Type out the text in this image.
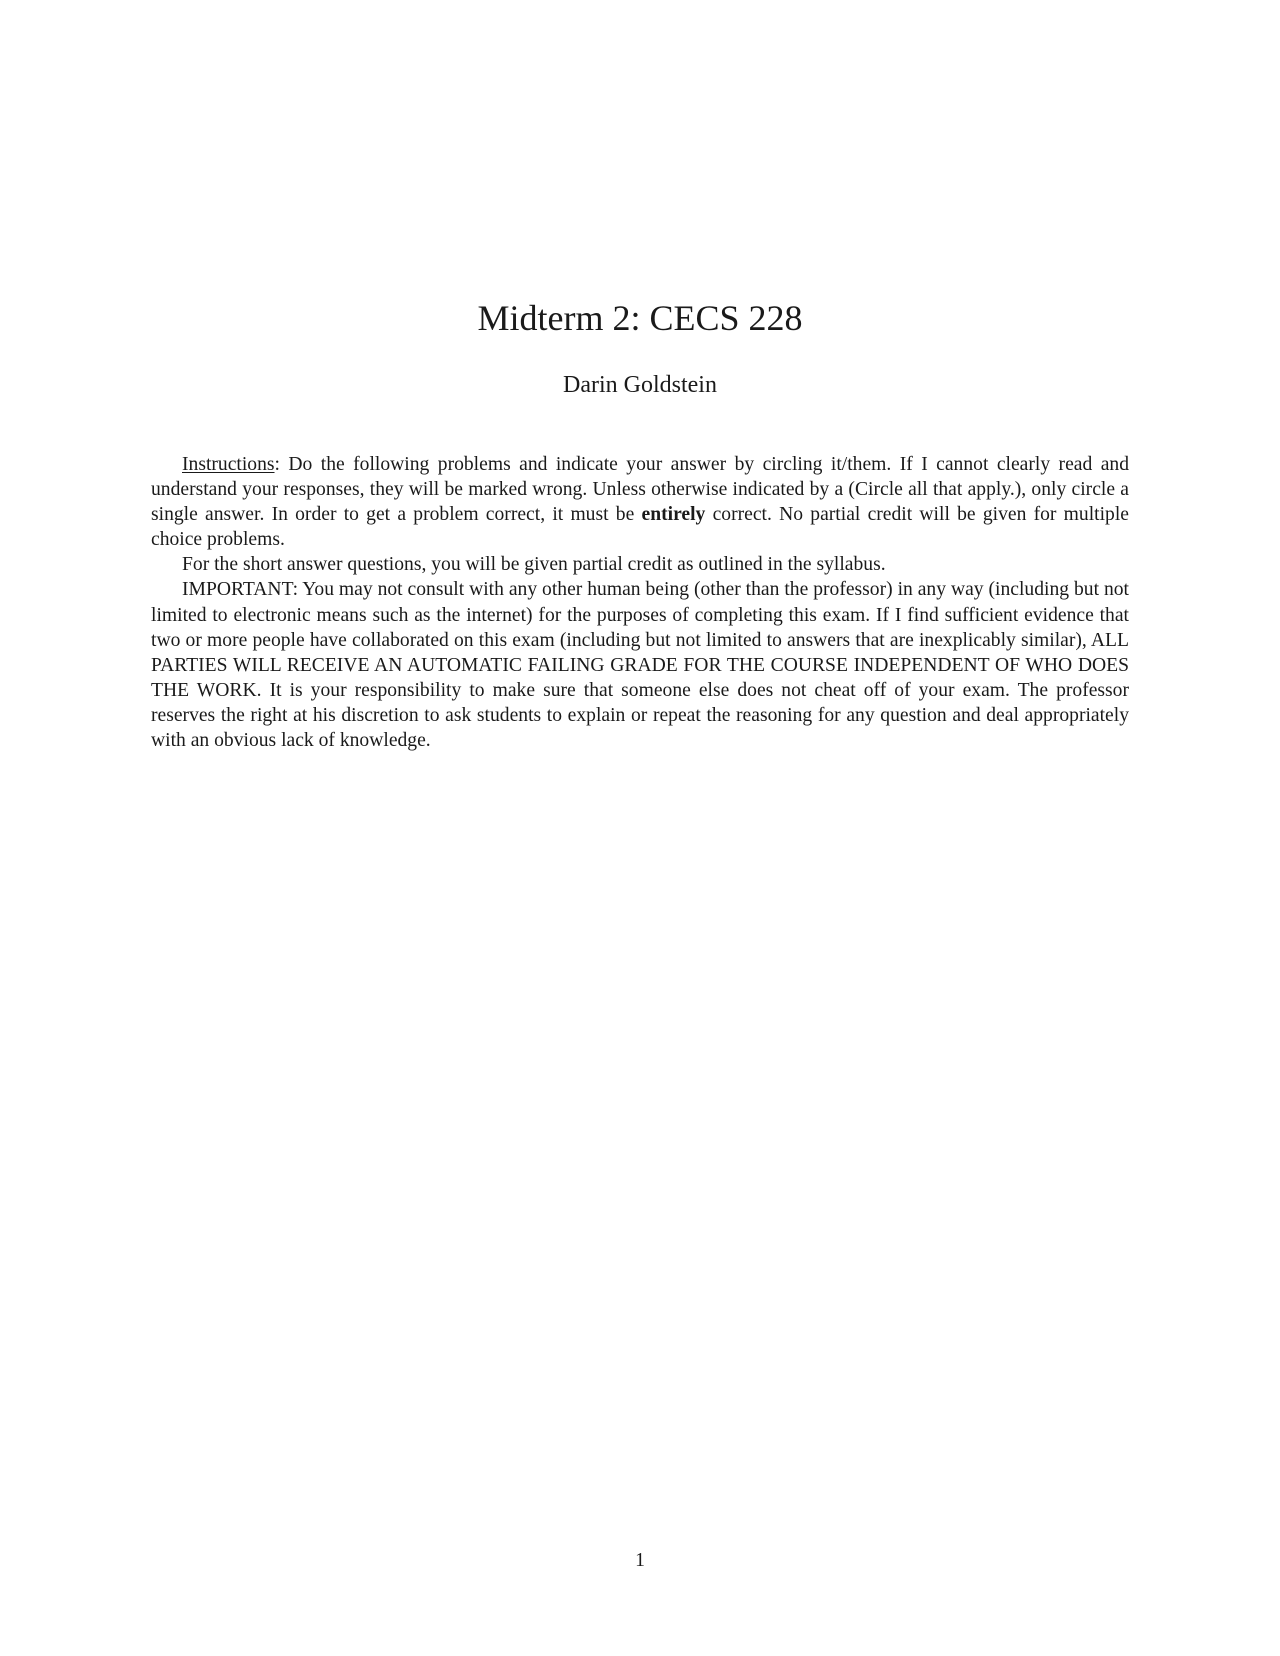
Midterm 2: CECS 228
Darin Goldstein

Instructions: Do the following problems and indicate your answer by circling it/them. If I cannot clearly read and understand your responses, they will be marked wrong. Unless otherwise indicated by a (Circle all that apply.), only circle a single answer. In order to get a problem correct, it must be entirely correct. No partial credit will be given for multiple choice problems.

For the short answer questions, you will be given partial credit as outlined in the syllabus.

IMPORTANT: You may not consult with any other human being (other than the professor) in any way (including but not limited to electronic means such as the internet) for the purposes of completing this exam. If I find sufficient evidence that two or more people have collaborated on this exam (including but not limited to answers that are inexplicably similar), ALL PARTIES WILL RECEIVE AN AUTOMATIC FAILING GRADE FOR THE COURSE INDEPENDENT OF WHO DOES THE WORK. It is your responsibility to make sure that someone else does not cheat off of your exam. The professor reserves the right at his discretion to ask students to explain or repeat the reasoning for any question and deal appropriately with an obvious lack of knowledge.

1
